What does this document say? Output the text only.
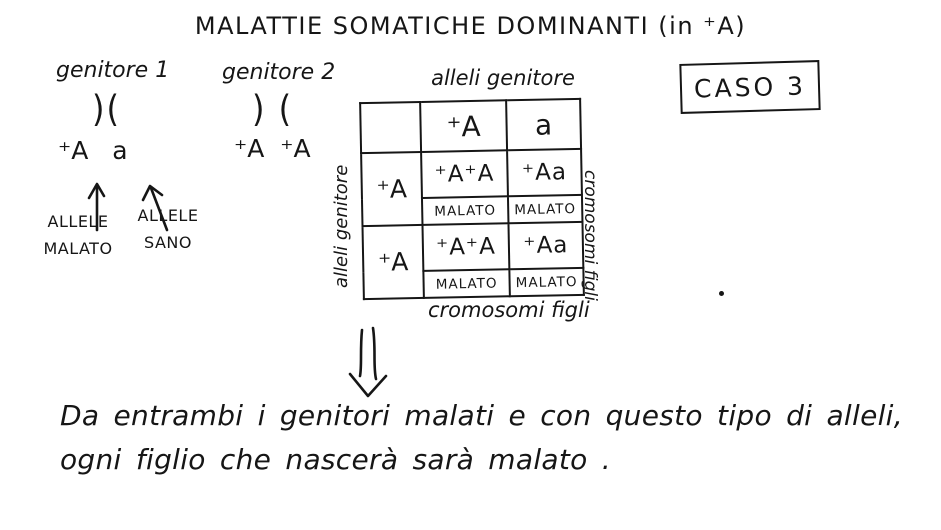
MALATTIE SOMATICHE DOMINANTI (in ⁺A)
genitore 1
)(
⁺A a
ALLELE
MALATO
ALLELE
SANO
genitore 2
) (
⁺A ⁺A
CASO 3
alleli genitore
alleli genitore	cromosomi figli
cromosomi figli
	⁺A	a
⁺A	⁺A⁺A	⁺Aa
	MALATO	MALATO
⁺A	⁺A⁺A	⁺Aa
	MALATO	MALATO
Da entrambi i genitori malati e con questo tipo di alleli,
ogni figlio che nascerà sarà malato .
